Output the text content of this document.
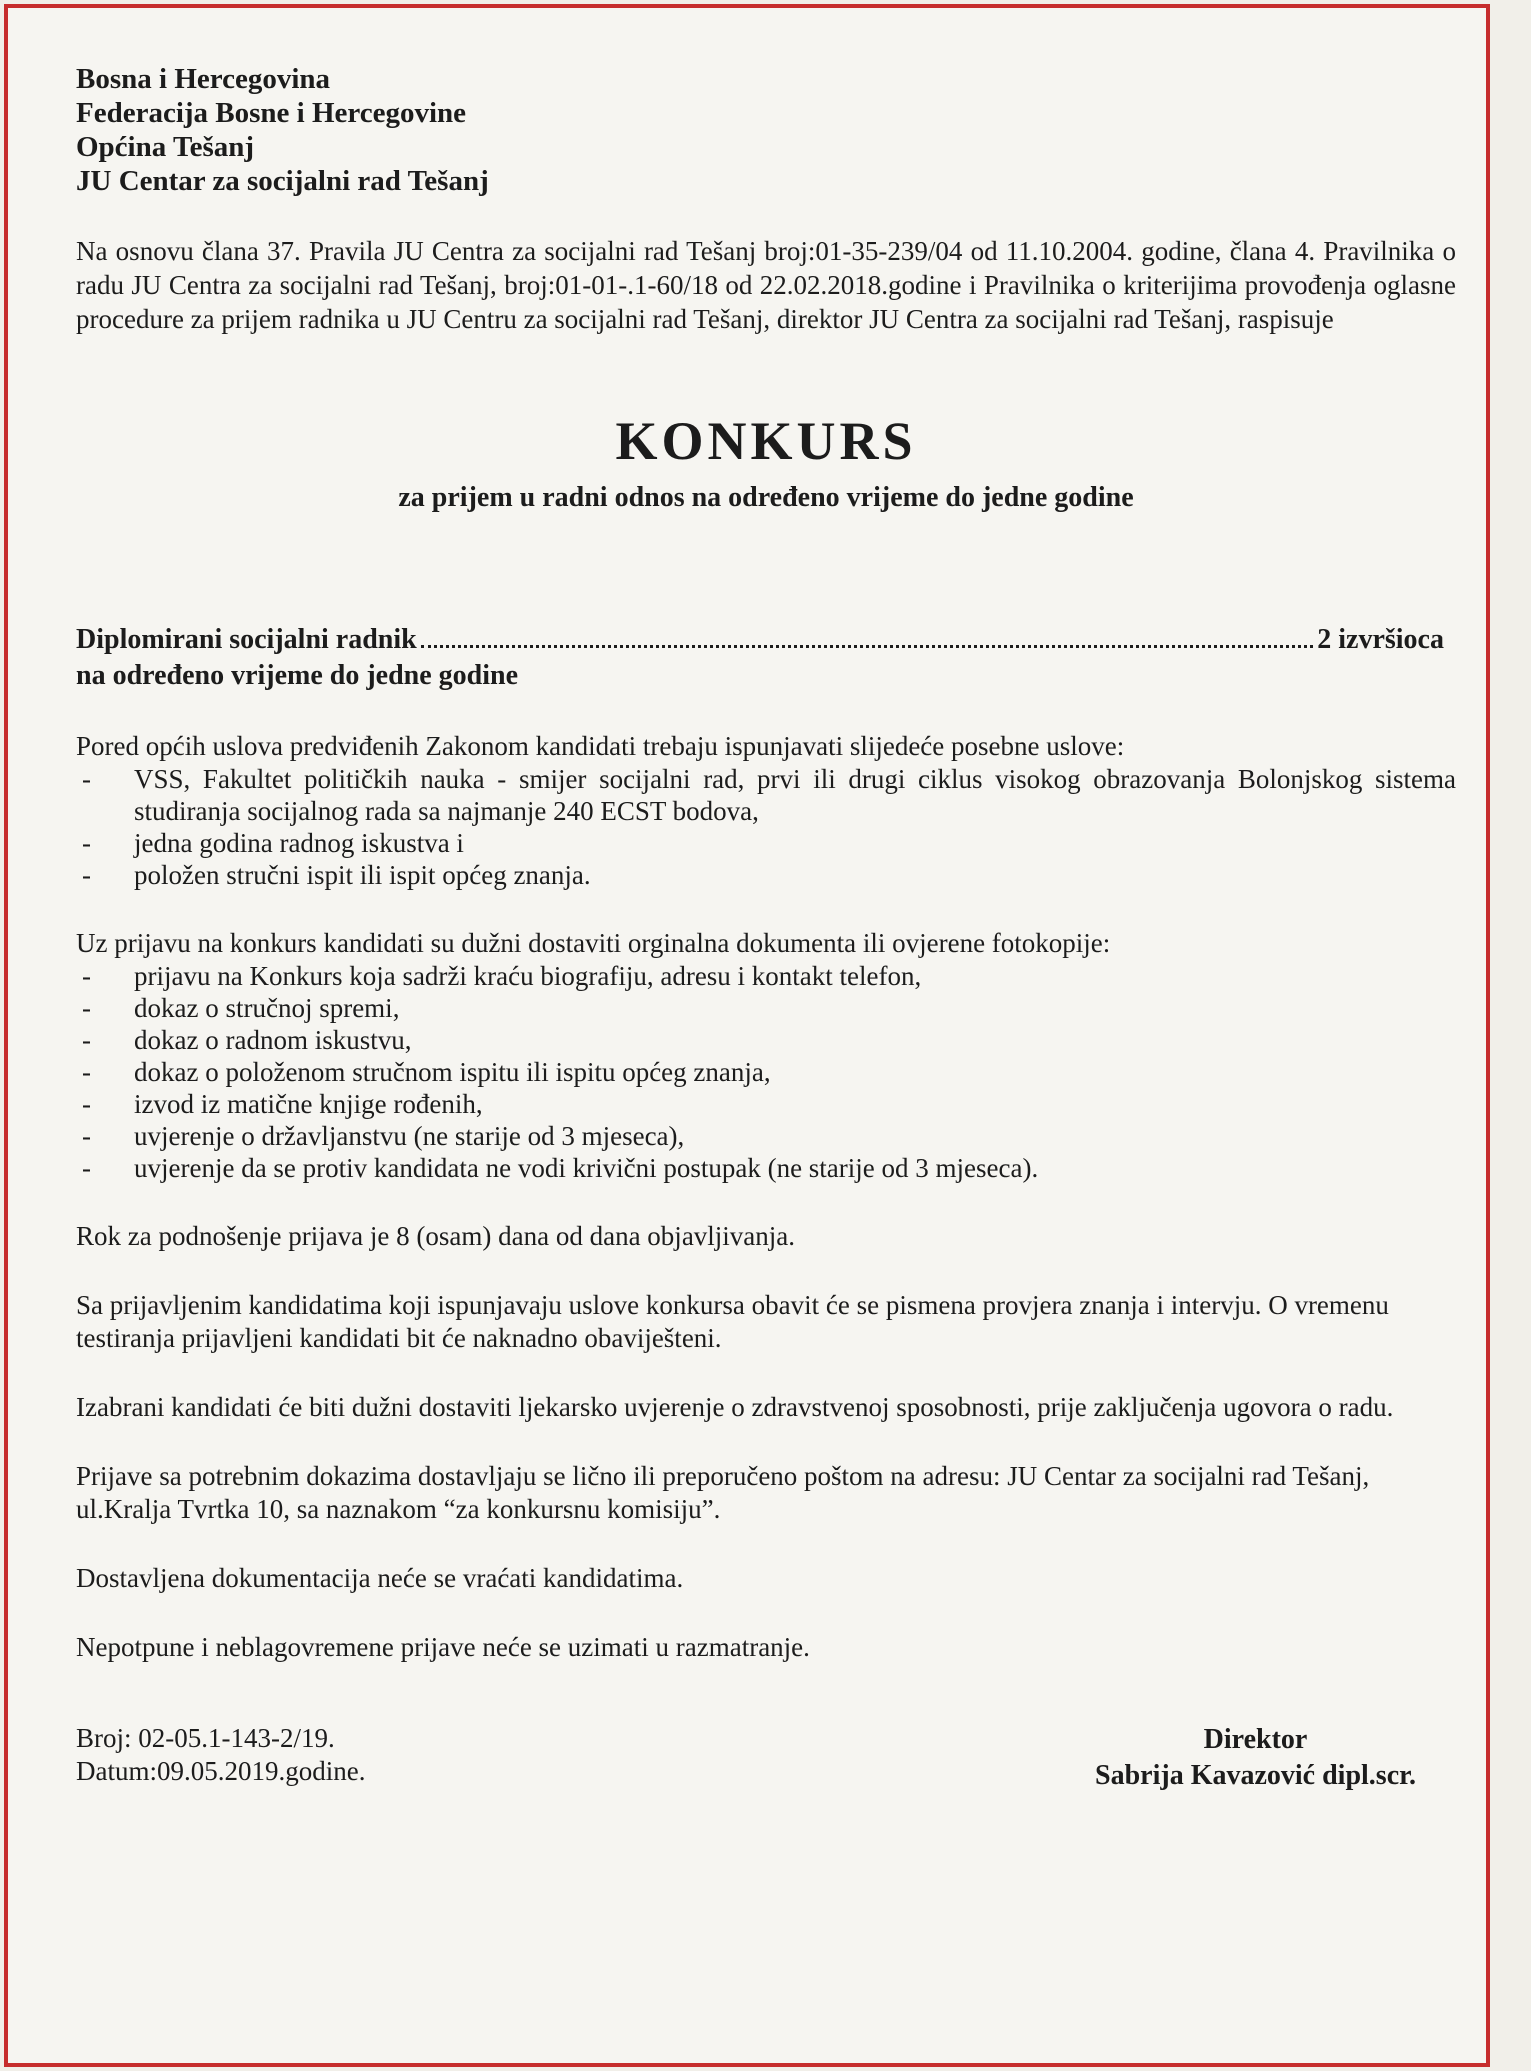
Bosna i Hercegovina
Federacija Bosne i Hercegovine
Općina Tešanj
JU Centar za socijalni rad Tešanj
Na osnovu člana 37. Pravila JU Centra za socijalni rad Tešanj broj:01-35-239/04 od 11.10.2004. godine, člana 4. Pravilnika o radu JU Centra za socijalni rad Tešanj, broj:01-01-.1-60/18 od 22.02.2018.godine i Pravilnika o kriterijima provođenja oglasne procedure za prijem radnika u JU Centru za socijalni rad Tešanj, direktor JU Centra za socijalni rad Tešanj, raspisuje
KONKURS
za prijem u radni odnos na određeno vrijeme do jedne godine
Diplomirani socijalni radnik	2 izvršioca
na određeno vrijeme do jedne godine
Pored općih uslova predviđenih Zakonom kandidati trebaju ispunjavati slijedeće posebne uslove:
- VSS, Fakultet političkih nauka - smijer socijalni rad, prvi ili drugi ciklus visokog obrazovanja Bolonjskog sistema studiranja socijalnog rada sa najmanje 240 ECST bodova,
- jedna godina radnog iskustva i
- položen stručni ispit ili ispit općeg znanja.
Uz prijavu na konkurs kandidati su dužni dostaviti orginalna dokumenta ili ovjerene fotokopije:
- prijavu na Konkurs koja sadrži kraću biografiju, adresu i kontakt telefon,
- dokaz o stručnoj spremi,
- dokaz o radnom iskustvu,
- dokaz o položenom stručnom ispitu ili ispitu općeg znanja,
- izvod iz matične knjige rođenih,
- uvjerenje o državljanstvu (ne starije od 3 mjeseca),
- uvjerenje da se protiv kandidata ne vodi krivični postupak (ne starije od 3 mjeseca).
Rok za podnošenje prijava je 8 (osam) dana od dana objavljivanja.
Sa prijavljenim kandidatima koji ispunjavaju uslove konkursa obavit će se pismena provjera znanja i intervju. O vremenu testiranja prijavljeni kandidati bit će naknadno obaviješteni.
Izabrani kandidati će biti dužni dostaviti ljekarsko uvjerenje o zdravstvenoj sposobnosti, prije zaključenja ugovora o radu.
Prijave sa potrebnim dokazima dostavljaju se lično ili preporučeno poštom na adresu: JU Centar za socijalni rad Tešanj, ul.Kralja Tvrtka 10, sa naznakom “za konkursnu komisiju”.
Dostavljena dokumentacija neće se vraćati kandidatima.
Nepotpune i neblagovremene prijave neće se uzimati u razmatranje.
Broj: 02-05.1-143-2/19.
Datum:09.05.2019.godine.
Direktor
Sabrija Kavazović dipl.scr.
